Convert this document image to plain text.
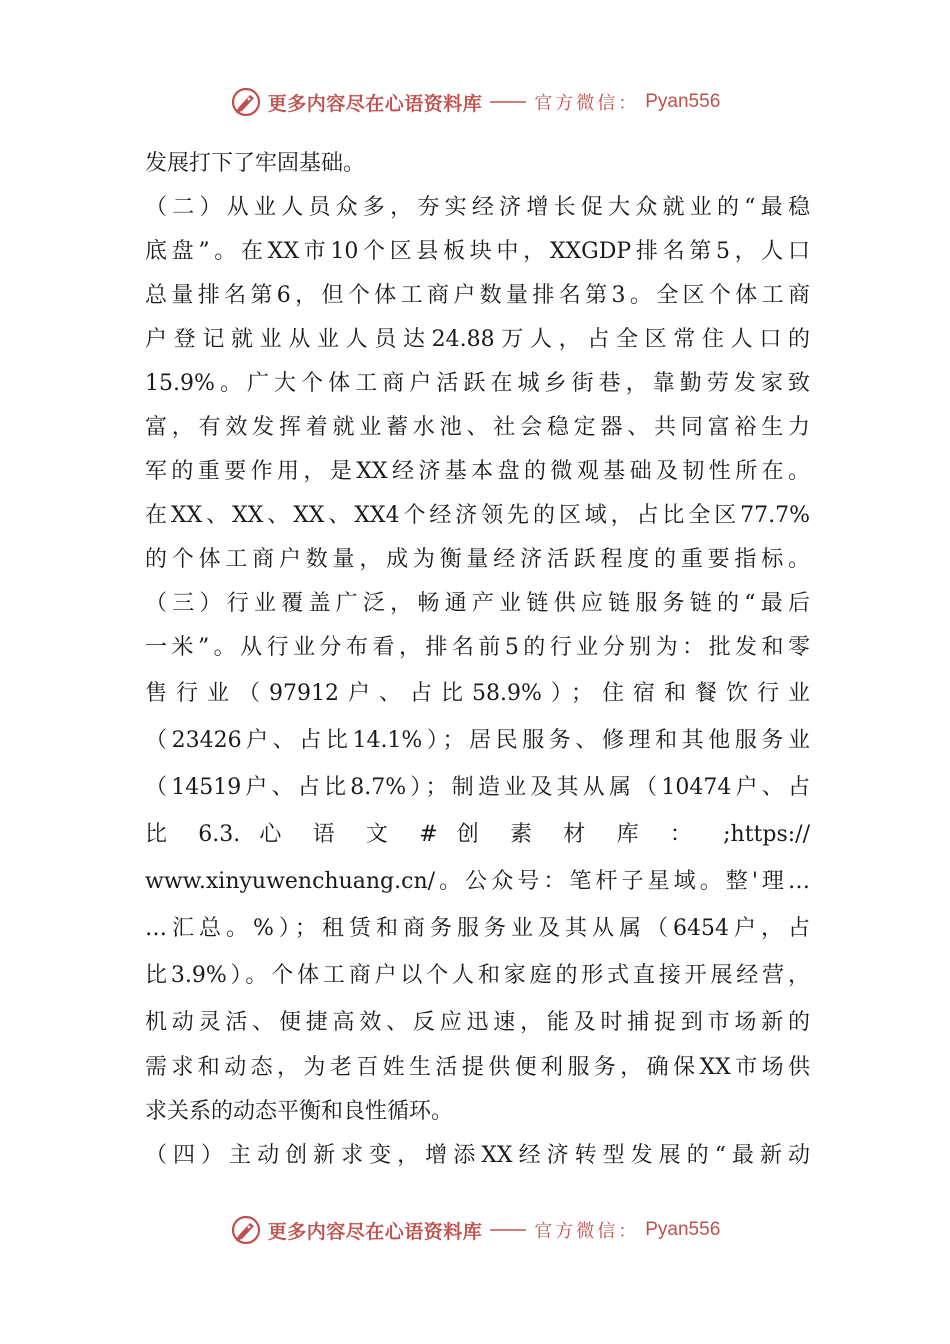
更多内容尽在心语资料库	官方微信： Pyan556
发展打下了牢固基础。
（二）从业人员众多，夯实经济增长促大众就业的“最稳
底盘”。在XX市10个区县板块中，XXGDP排名第5，人口
总量排名第6，但个体工商户数量排名第3。全区个体工商
户登记就业从业人员达24.88万人，占全区常住人口的
15.9%。广大个体工商户活跃在城乡街巷，靠勤劳发家致
富，有效发挥着就业蓄水池、社会稳定器、共同富裕生力
军的重要作用，是XX经济基本盘的微观基础及韧性所在。
在XX、XX、XX、XX4个经济领先的区域，占比全区77.7%
的个体工商户数量，成为衡量经济活跃程度的重要指标。
（三）行业覆盖广泛，畅通产业链供应链服务链的“最后
一米”。从行业分布看，排名前5的行业分别为：批发和零
售行业（97912户、占比58.9%）；住宿和餐饮行业
（23426户、占比14.1%）；居民服务、修理和其他服务业
（14519户、占比8.7%）；制造业及其从属（10474户、占
比 6.3. 心 语 文 # 创 素 材 库 ： ;https://
www.xinyuwenchuang.cn/。公众号：笔杆子星域。整'理…
…汇总。%）；租赁和商务服务业及其从属（6454户，占
比3.9%）。个体工商户以个人和家庭的形式直接开展经营，
机动灵活、便捷高效、反应迅速，能及时捕捉到市场新的
需求和动态，为老百姓生活提供便利服务，确保XX市场供
求关系的动态平衡和良性循环。
（四）主动创新求变，增添XX经济转型发展的“最新动
更多内容尽在心语资料库	官方微信： Pyan556
